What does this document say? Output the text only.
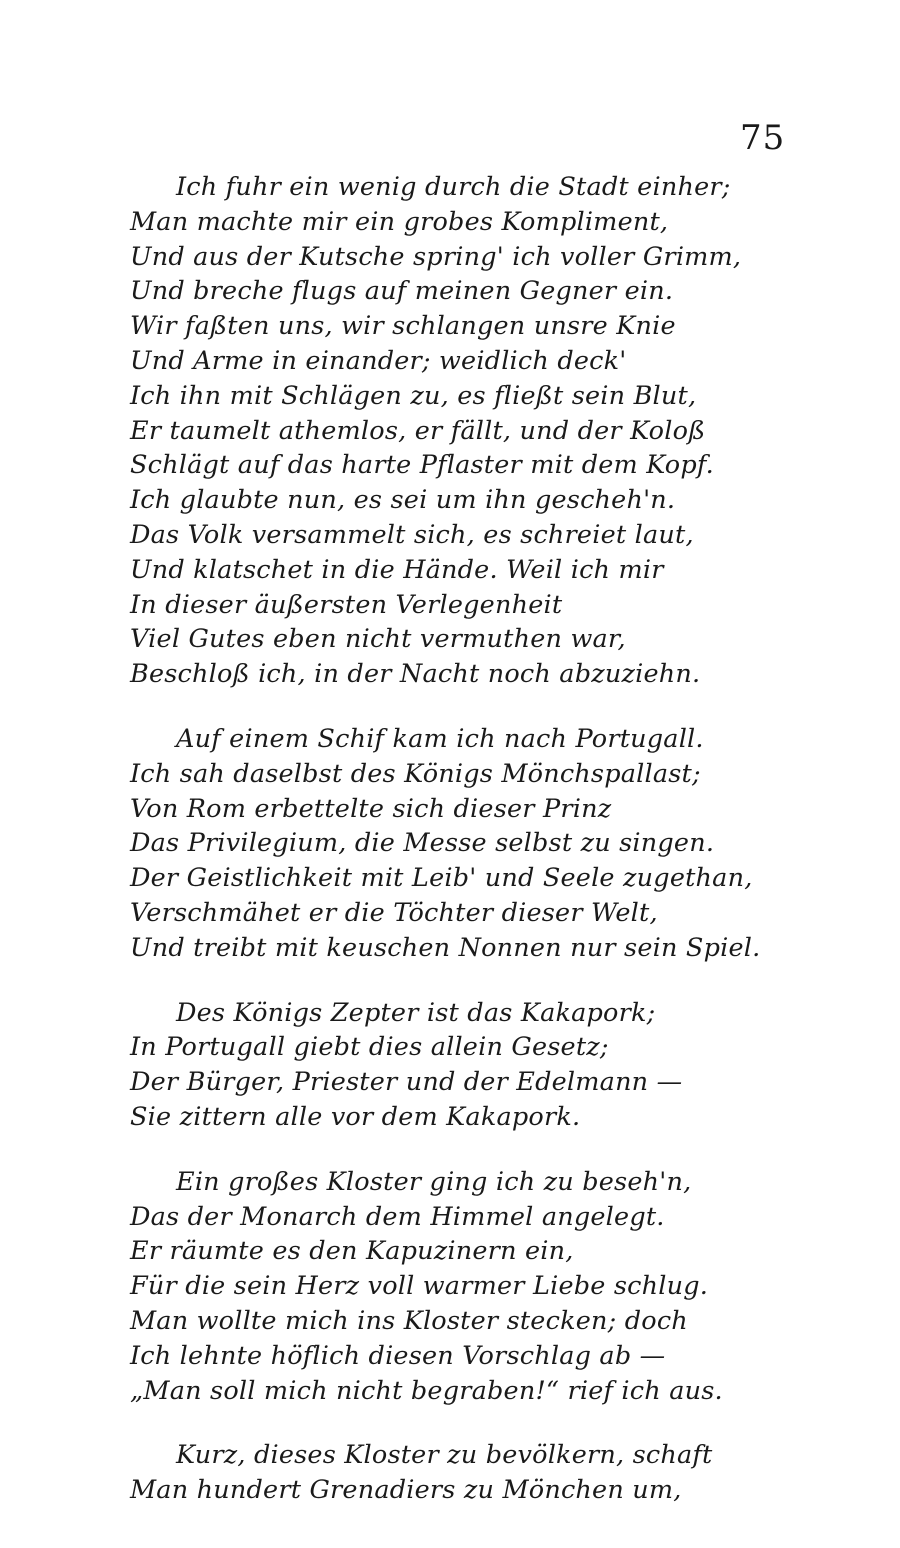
75
Ich fuhr ein wenig durch die Stadt einher;
Man machte mir ein grobes Kompliment,
Und aus der Kutsche spring' ich voller Grimm,
Und breche flugs auf meinen Gegner ein.
Wir faßten uns, wir schlangen unsre Knie
Und Arme in einander; weidlich deck'
Ich ihn mit Schlägen zu, es fließt sein Blut,
Er taumelt athemlos, er fällt, und der Koloß
Schlägt auf das harte Pflaster mit dem Kopf.
Ich glaubte nun, es sei um ihn gescheh'n.
Das Volk versammelt sich, es schreiet laut,
Und klatschet in die Hände. Weil ich mir
In dieser äußersten Verlegenheit
Viel Gutes eben nicht vermuthen war,
Beschloß ich, in der Nacht noch abzuziehn.
Auf einem Schif kam ich nach Portugall.
Ich sah daselbst des Königs Mönchspallast;
Von Rom erbettelte sich dieser Prinz
Das Privilegium, die Messe selbst zu singen.
Der Geistlichkeit mit Leib' und Seele zugethan,
Verschmähet er die Töchter dieser Welt,
Und treibt mit keuschen Nonnen nur sein Spiel.
Des Königs Zepter ist das Kakapork;
In Portugall giebt dies allein Gesetz;
Der Bürger, Priester und der Edelmann —
Sie zittern alle vor dem Kakapork.
Ein großes Kloster ging ich zu beseh'n,
Das der Monarch dem Himmel angelegt.
Er räumte es den Kapuzinern ein,
Für die sein Herz voll warmer Liebe schlug.
Man wollte mich ins Kloster stecken; doch
Ich lehnte höflich diesen Vorschlag ab —
„Man soll mich nicht begraben!“ rief ich aus.
Kurz, dieses Kloster zu bevölkern, schaft
Man hundert Grenadiers zu Mönchen um,
